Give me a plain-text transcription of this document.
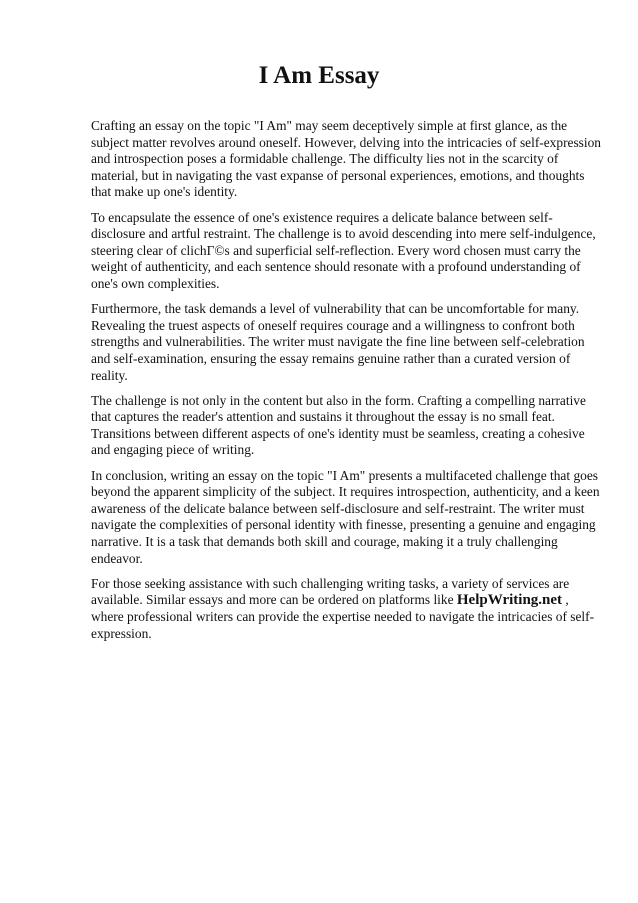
I Am Essay

Crafting an essay on the topic "I Am" may seem deceptively simple at first glance, as the subject matter revolves around oneself. However, delving into the intricacies of self-expression and introspection poses a formidable challenge. The difficulty lies not in the scarcity of material, but in navigating the vast expanse of personal experiences, emotions, and thoughts that make up one's identity.

To encapsulate the essence of one's existence requires a delicate balance between self-disclosure and artful restraint. The challenge is to avoid descending into mere self-indulgence, steering clear of clichГ©s and superficial self-reflection. Every word chosen must carry the weight of authenticity, and each sentence should resonate with a profound understanding of one's own complexities.

Furthermore, the task demands a level of vulnerability that can be uncomfortable for many. Revealing the truest aspects of oneself requires courage and a willingness to confront both strengths and vulnerabilities. The writer must navigate the fine line between self-celebration and self-examination, ensuring the essay remains genuine rather than a curated version of reality.

The challenge is not only in the content but also in the form. Crafting a compelling narrative that captures the reader's attention and sustains it throughout the essay is no small feat. Transitions between different aspects of one's identity must be seamless, creating a cohesive and engaging piece of writing.

In conclusion, writing an essay on the topic "I Am" presents a multifaceted challenge that goes beyond the apparent simplicity of the subject. It requires introspection, authenticity, and a keen awareness of the delicate balance between self-disclosure and self-restraint. The writer must navigate the complexities of personal identity with finesse, presenting a genuine and engaging narrative. It is a task that demands both skill and courage, making it a truly challenging endeavor.

For those seeking assistance with such challenging writing tasks, a variety of services are available. Similar essays and more can be ordered on platforms like HelpWriting.net , where professional writers can provide the expertise needed to navigate the intricacies of self-expression.
